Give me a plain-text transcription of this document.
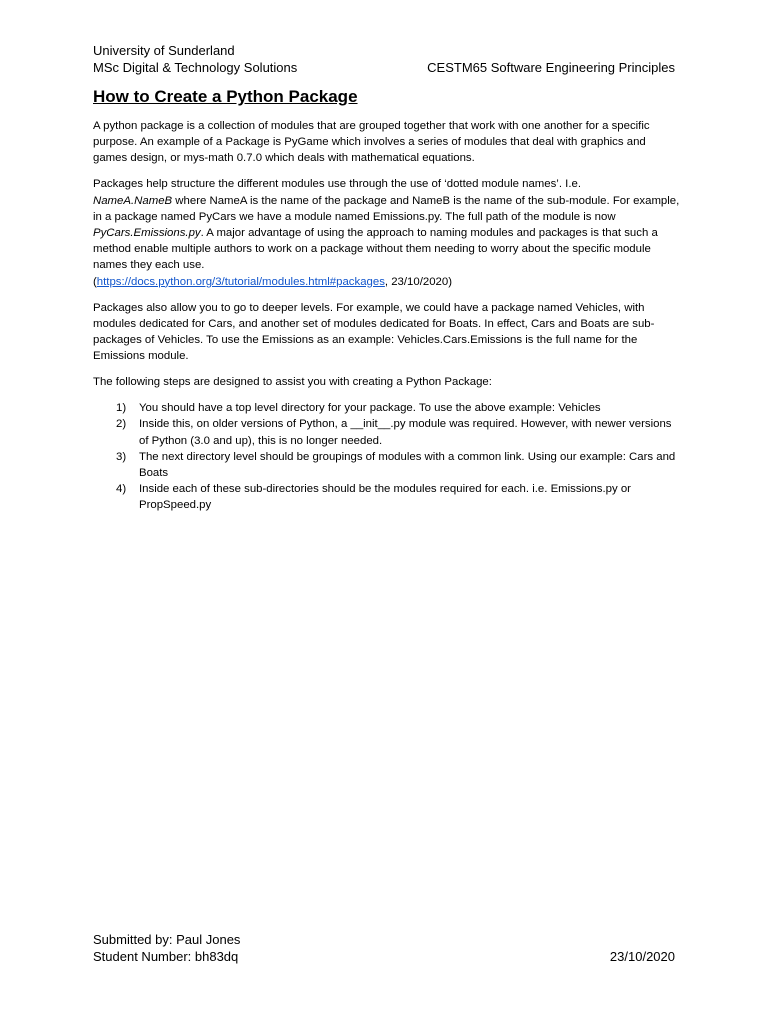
University of Sunderland
MSc Digital & Technology Solutions	CESTM65 Software Engineering Principles
How to Create a Python Package

A python package is a collection of modules that are grouped together that work with one another for a specific purpose. An example of a Package is PyGame which involves a series of modules that deal with graphics and games design, or mys-math 0.7.0 which deals with mathematical equations.

Packages help structure the different modules use through the use of ‘dotted module names’. I.e.
NameA.NameB where NameA is the name of the package and NameB is the name of the sub-module. For example, in a package named PyCars we have a module named Emissions.py. The full path of the module is now PyCars.Emissions.py. A major advantage of using the approach to naming modules and packages is that such a method enable multiple authors to work on a package without them needing to worry about the specific module names they each use.
(https://docs.python.org/3/tutorial/modules.html#packages, 23/10/2020)

Packages also allow you to go to deeper levels. For example, we could have a package named Vehicles, with modules dedicated for Cars, and another set of modules dedicated for Boats. In effect, Cars and Boats are sub-packages of Vehicles. To use the Emissions as an example: Vehicles.Cars.Emissions is the full name for the Emissions module.

The following steps are designed to assist you with creating a Python Package:

1) You should have a top level directory for your package. To use the above example: Vehicles
2) Inside this, on older versions of Python, a __init__.py module was required. However, with newer versions of Python (3.0 and up), this is no longer needed.
3) The next directory level should be groupings of modules with a common link. Using our example: Cars and Boats
4) Inside each of these sub-directories should be the modules required for each. i.e. Emissions.py or PropSpeed.py
Submitted by: Paul Jones
Student Number: bh83dq	23/10/2020
